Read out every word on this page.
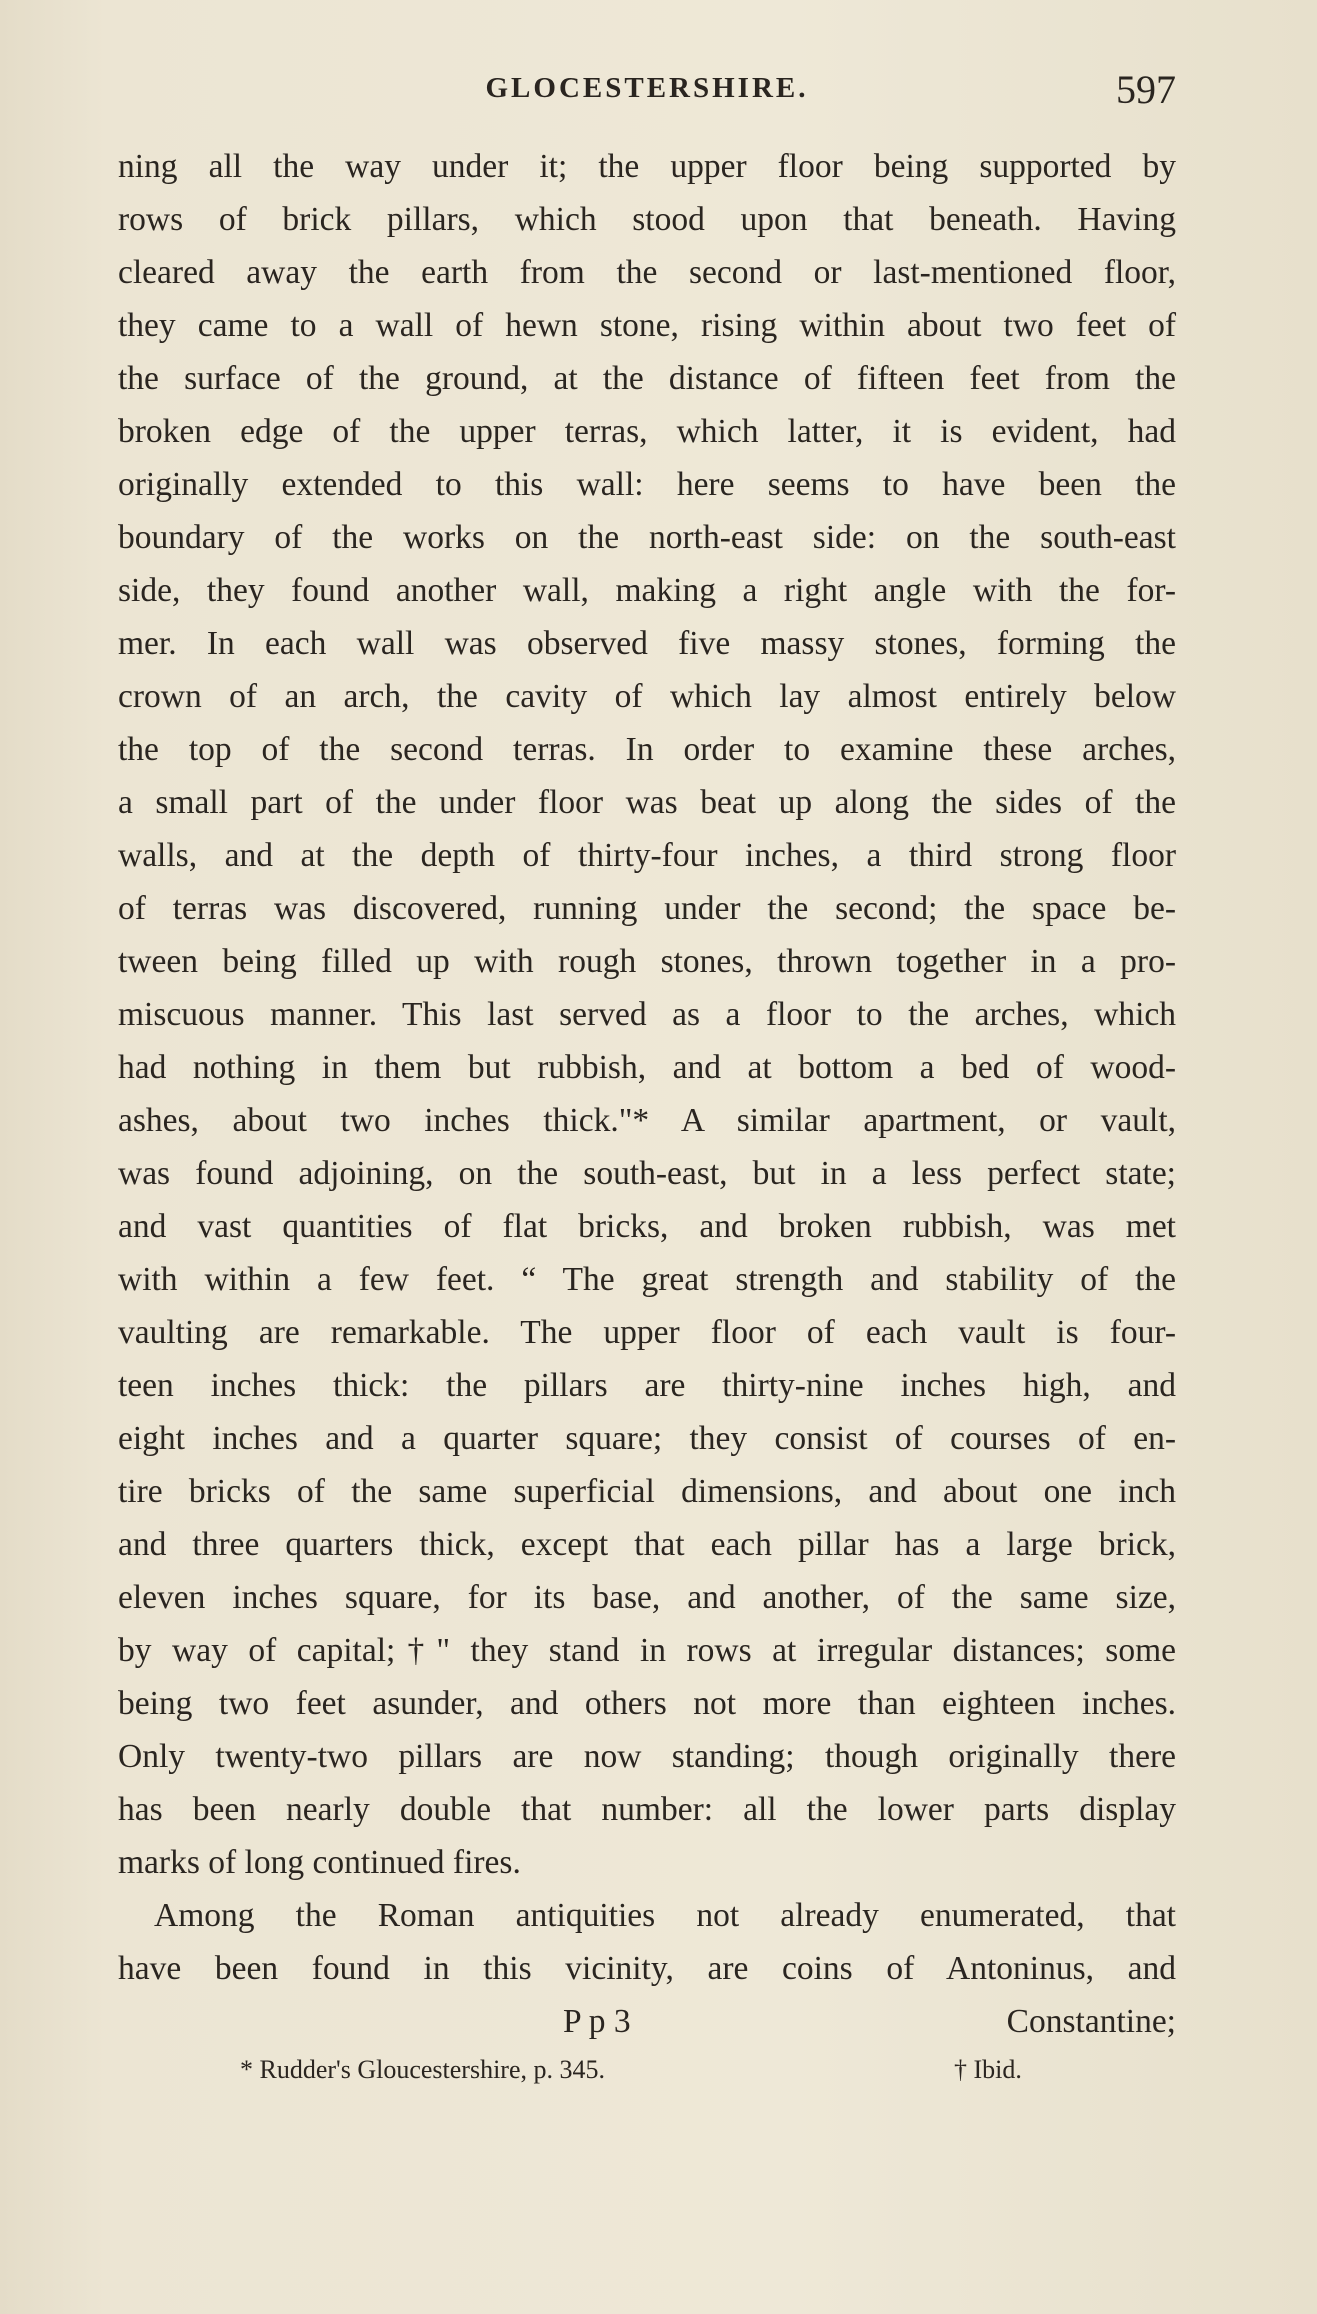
GLOCESTERSHIRE.	597
ning all the way under it; the upper floor being supported by
rows of brick pillars, which stood upon that beneath. Having
cleared away the earth from the second or last-mentioned floor,
they came to a wall of hewn stone, rising within about two feet of
the surface of the ground, at the distance of fifteen feet from the
broken edge of the upper terras, which latter, it is evident, had
originally extended to this wall: here seems to have been the
boundary of the works on the north-east side: on the south-east
side, they found another wall, making a right angle with the for-
mer. In each wall was observed five massy stones, forming the
crown of an arch, the cavity of which lay almost entirely below
the top of the second terras. In order to examine these arches,
a small part of the under floor was beat up along the sides of the
walls, and at the depth of thirty-four inches, a third strong floor
of terras was discovered, running under the second; the space be-
tween being filled up with rough stones, thrown together in a pro-
miscuous manner. This last served as a floor to the arches, which
had nothing in them but rubbish, and at bottom a bed of wood-
ashes, about two inches thick."* A similar apartment, or vault,
was found adjoining, on the south-east, but in a less perfect state;
and vast quantities of flat bricks, and broken rubbish, was met
with within a few feet. “ The great strength and stability of the
vaulting are remarkable. The upper floor of each vault is four-
teen inches thick: the pillars are thirty-nine inches high, and
eight inches and a quarter square; they consist of courses of en-
tire bricks of the same superficial dimensions, and about one inch
and three quarters thick, except that each pillar has a large brick,
eleven inches square, for its base, and another, of the same size,
by way of capital;†" they stand in rows at irregular distances; some
being two feet asunder, and others not more than eighteen inches.
Only twenty-two pillars are now standing; though originally there
has been nearly double that number: all the lower parts display
marks of long continued fires.
Among the Roman antiquities not already enumerated, that
have been found in this vicinity, are coins of Antoninus, and
P p 3	Constantine;
* Rudder's Gloucestershire, p. 345.	† Ibid.
